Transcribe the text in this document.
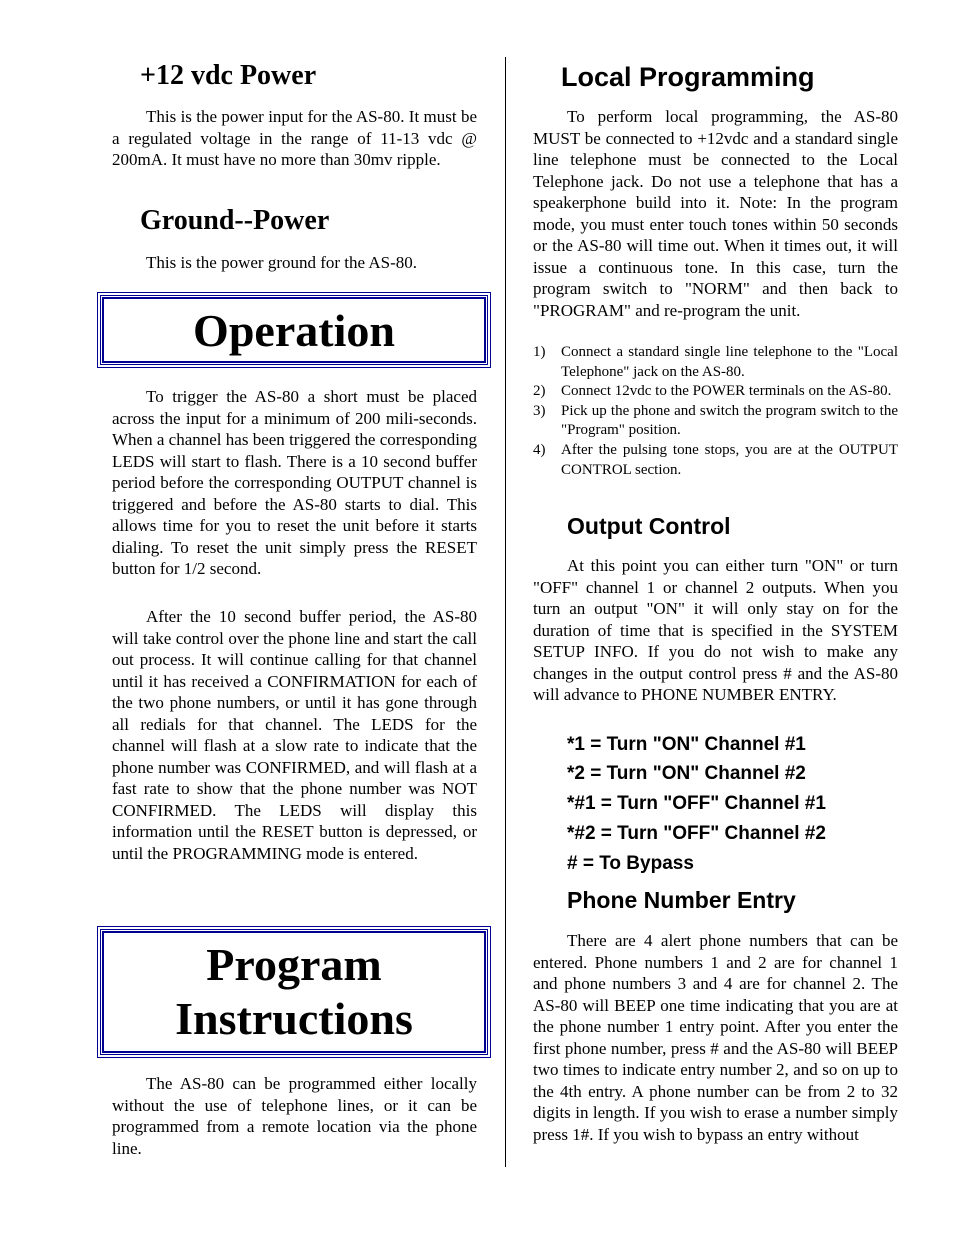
+12 vdc Power

This is the power input for the AS-80. It must be a regulated voltage in the range of 11-13 vdc @ 200mA. It must have no more than 30mv ripple.

Ground--Power

This is the power ground for the AS-80.

Operation

To trigger the AS-80 a short must be placed across the input for a minimum of 200 mili-seconds. When a channel has been triggered the corresponding LEDS will start to flash. There is a 10 second buffer period before the corresponding OUTPUT channel is triggered and before the AS-80 starts to dial. This allows time for you to reset the unit before it starts dialing. To reset the unit simply press the RESET button for 1/2 second.

After the 10 second buffer period, the AS-80 will take control over the phone line and start the call out process. It will continue calling for that channel until it has received a CONFIRMATION for each of the two phone numbers, or until it has gone through all redials for that channel. The LEDS for the channel will flash at a slow rate to indicate that the phone number was CONFIRMED, and will flash at a fast rate to show that the phone number was NOT CONFIRMED. The LEDS will display this information until the RESET button is depressed, or until the PROGRAMMING mode is entered.

Program
Instructions

The AS-80 can be programmed either locally without the use of telephone lines, or it can be programmed from a remote location via the phone line.

Local Programming

To perform local programming, the AS-80 MUST be connected to +12vdc and a standard single line telephone must be connected to the Local Telephone jack. Do not use a telephone that has a speakerphone build into it. Note: In the program mode, you must enter touch tones within 50 seconds or the AS-80 will time out. When it times out, it will issue a continuous tone. In this case, turn the program switch to "NORM" and then back to "PROGRAM" and re-program the unit.

1) Connect a standard single line telephone to the "Local Telephone" jack on the AS-80.
2) Connect 12vdc to the POWER terminals on the AS-80.
3) Pick up the phone and switch the program switch to the "Program" position.
4) After the pulsing tone stops, you are at the OUTPUT CONTROL section.
Output Control

At this point you can either turn "ON" or turn "OFF" channel 1 or channel 2 outputs. When you turn an output "ON" it will only stay on for the duration of time that is specified in the SYSTEM SETUP INFO. If you do not wish to make any changes in the output control press # and the AS-80 will advance to PHONE NUMBER ENTRY.

*1 = Turn "ON" Channel #1
*2 = Turn "ON" Channel #2
*#1 = Turn "OFF" Channel #1
*#2 = Turn "OFF" Channel #2
# = To Bypass
Phone Number Entry

There are 4 alert phone numbers that can be entered. Phone numbers 1 and 2 are for channel 1 and phone numbers 3 and 4 are for channel 2. The AS-80 will BEEP one time indicating that you are at the phone number 1 entry point. After you enter the first phone number, press # and the AS-80 will BEEP two times to indicate entry number 2, and so on up to the 4th entry. A phone number can be from 2 to 32 digits in length. If you wish to erase a number simply press 1#. If you wish to bypass an entry without
